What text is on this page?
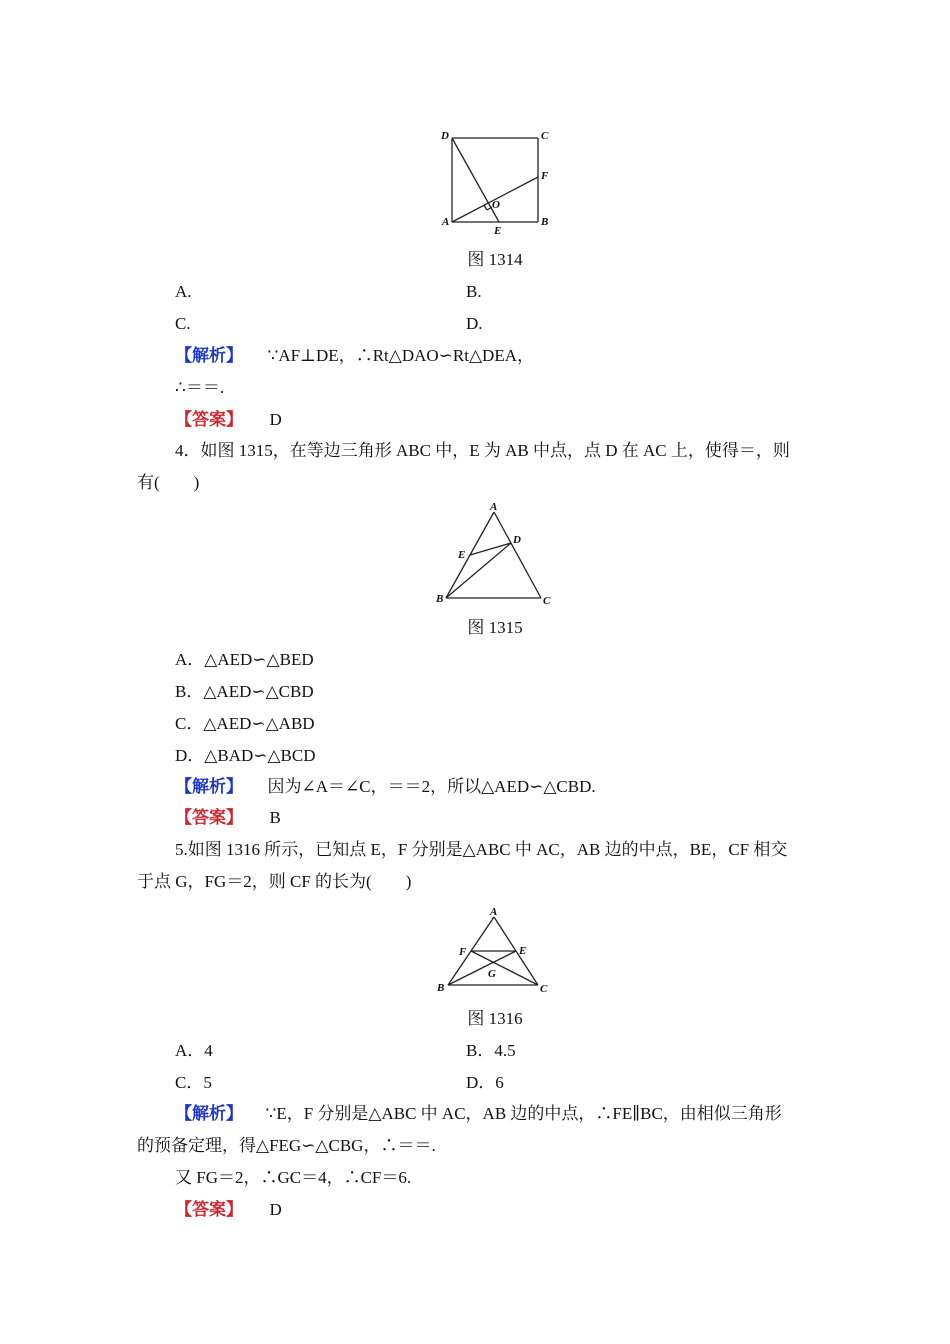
D	C
F
O
A	B
E
图 1314
A.	B.
C.	D.
【解析】 ∵AF⊥DE，∴Rt△DAO∽Rt△DEA，
∴＝＝.
【答案】 D
4．如图 1315，在等边三角形 ABC 中，E 为 AB 中点，点 D 在 AC 上，使得＝，则
有(　　)
A
D
E
B	C
图 1315
A．△AED∽△BED
B．△AED∽△CBD
C．△AED∽△ABD
D．△BAD∽△BCD
【解析】 因为∠A＝∠C，＝＝2，所以△AED∽△CBD.
【答案】 B
5.如图 1316 所示，已知点 E，F 分别是△ABC 中 AC，AB 边的中点，BE，CF 相交
于点 G，FG＝2，则 CF 的长为(　　)
A
F	E
G
B	C
图 1316
A．4	B．4.5
C．5	D．6
【解析】 ∵E，F 分别是△ABC 中 AC，AB 边的中点，∴FE∥BC，由相似三角形
的预备定理，得△FEG∽△CBG，∴＝＝.
又 FG＝2，∴GC＝4，∴CF＝6.
【答案】 D
